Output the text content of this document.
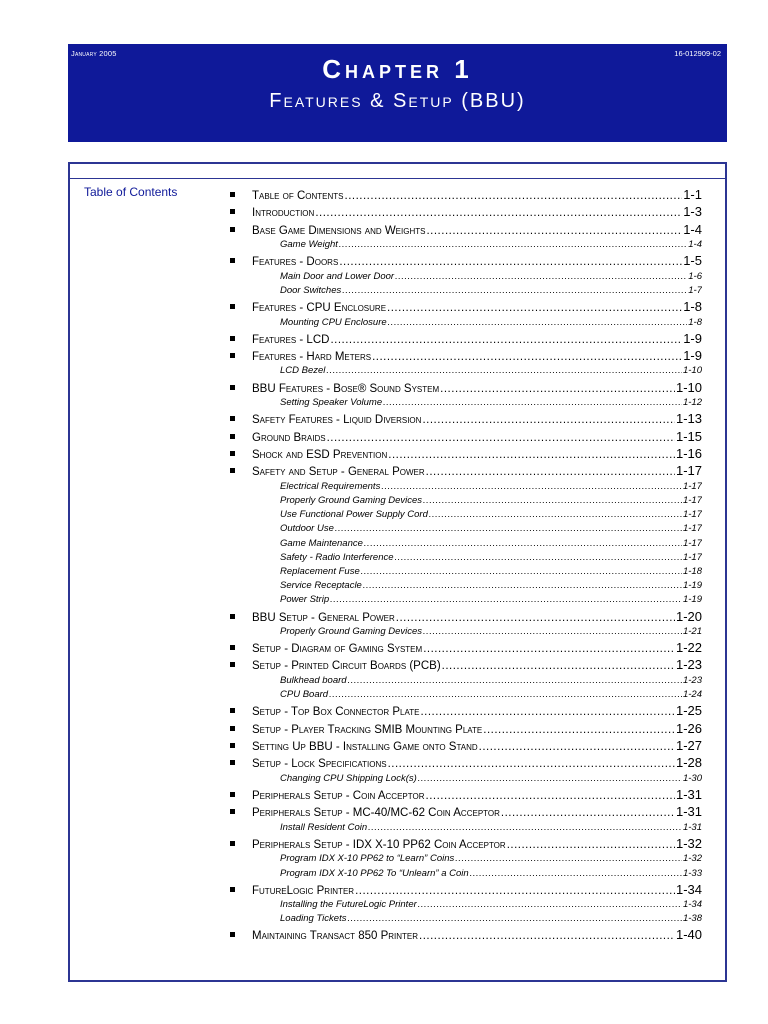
January 2005	16-012909-02
Chapter 1
Features & Setup (BBU)
Table of Contents	Table of Contents .....	1-1
Introduction .....	1-3
Base Game Dimensions and Weights .....	1-4
Game Weight .....	1-4
Features - Doors .....	1-5
Main Door and Lower Door .....	1-6
Door Switches .....	1-7
Features - CPU Enclosure .....	1-8
Mounting CPU Enclosure .....	1-8
Features - LCD .....	1-9
Features - Hard Meters .....	1-9
LCD Bezel .....	1-10
BBU Features - Bose® Sound System .....	1-10
Setting Speaker Volume .....	1-12
Safety Features - Liquid Diversion .....	1-13
Ground Braids .....	1-15
Shock and ESD Prevention .....	1-16
Safety and Setup - General Power .....	1-17
Electrical Requirements .....	1-17
Properly Ground Gaming Devices .....	1-17
Use Functional Power Supply Cord .....	1-17
Outdoor Use .....	1-17
Game Maintenance .....	1-17
Safety - Radio Interference .....	1-17
Replacement Fuse .....	1-18
Service Receptacle .....	1-19
Power Strip .....	1-19
BBU Setup - General Power .....	1-20
Properly Ground Gaming Devices .....	1-21
Setup - Diagram of Gaming System .....	1-22
Setup - Printed Circuit Boards (PCB) .....	1-23
Bulkhead board .....	1-23
CPU Board .....	1-24
Setup - Top Box Connector Plate .....	1-25
Setup - Player Tracking SMIB Mounting Plate .....	1-26
Setting Up BBU - Installing Game onto Stand .....	1-27
Setup - Lock Specifications .....	1-28
Changing CPU Shipping Lock(s) .....	1-30
Peripherals Setup - Coin Acceptor .....	1-31
Peripherals Setup - MC-40/MC-62 Coin Acceptor .....	1-31
Install Resident Coin .....	1-31
Peripherals Setup - IDX X-10 PP62 Coin Acceptor .....	1-32
Program IDX X-10 PP62 to “Learn” Coins .....	1-32
Program IDX X-10 PP62 To “Unlearn” a Coin .....	1-33
FutureLogic Printer .....	1-34
Installing the FutureLogic Printer .....	1-34
Loading Tickets .....	1-38
Maintaining Transact 850 Printer .....	1-40
